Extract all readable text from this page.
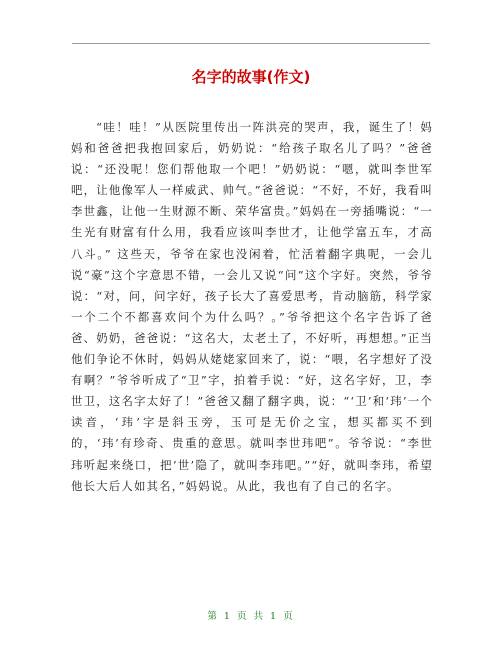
名字的故事(作文)

“哇！哇！”从医院里传出一阵洪亮的哭声，我，诞生了！妈妈和爸爸把我抱回家后，奶奶说：“给孩子取名儿了吗？”爸爸说：“还没呢！您们帮他取一个吧！”奶奶说：“嗯，就叫李世军吧，让他像军人一样威武、帅气。”爸爸说：“不好，不好，我看叫李世鑫，让他一生财源不断、荣华富贵。”妈妈在一旁插嘴说：“一生光有财富有什么用，我看应该叫李世才，让他学富五车，才高八斗。” 这些天，爷爷在家也没闲着，忙活着翻字典呢，一会儿说“豪”这个字意思不错，一会儿又说“问”这个字好。突然，爷爷说：“对，问，问字好，孩子长大了喜爱思考，肯动脑筋，科学家一个二个不都喜欢问个为什么吗？。”爷爷把这个名字告诉了爸爸、奶奶，爸爸说：“这名大，太老土了，不好听，再想想。”正当他们争论不休时，妈妈从姥姥家回来了，说：“喂，名字想好了没有啊？”爷爷听成了“卫”字，拍着手说：“好，这名字好，卫，李世卫，这名字太好了！”爸爸又翻了翻字典，说：“‘卫’和‘玮’一个读音，‘玮’字是斜玉旁，玉可是无价之宝，想买都买不到的，‘玮’有珍奇、贵重的意思。就叫李世玮吧”。爷爷说：“李世玮听起来绕口，把‘世’隐了，就叫李玮吧。”“好，就叫李玮，希望他长大后人如其名，”妈妈说。从此，我也有了自己的名字。

第 1 页 共 1 页
